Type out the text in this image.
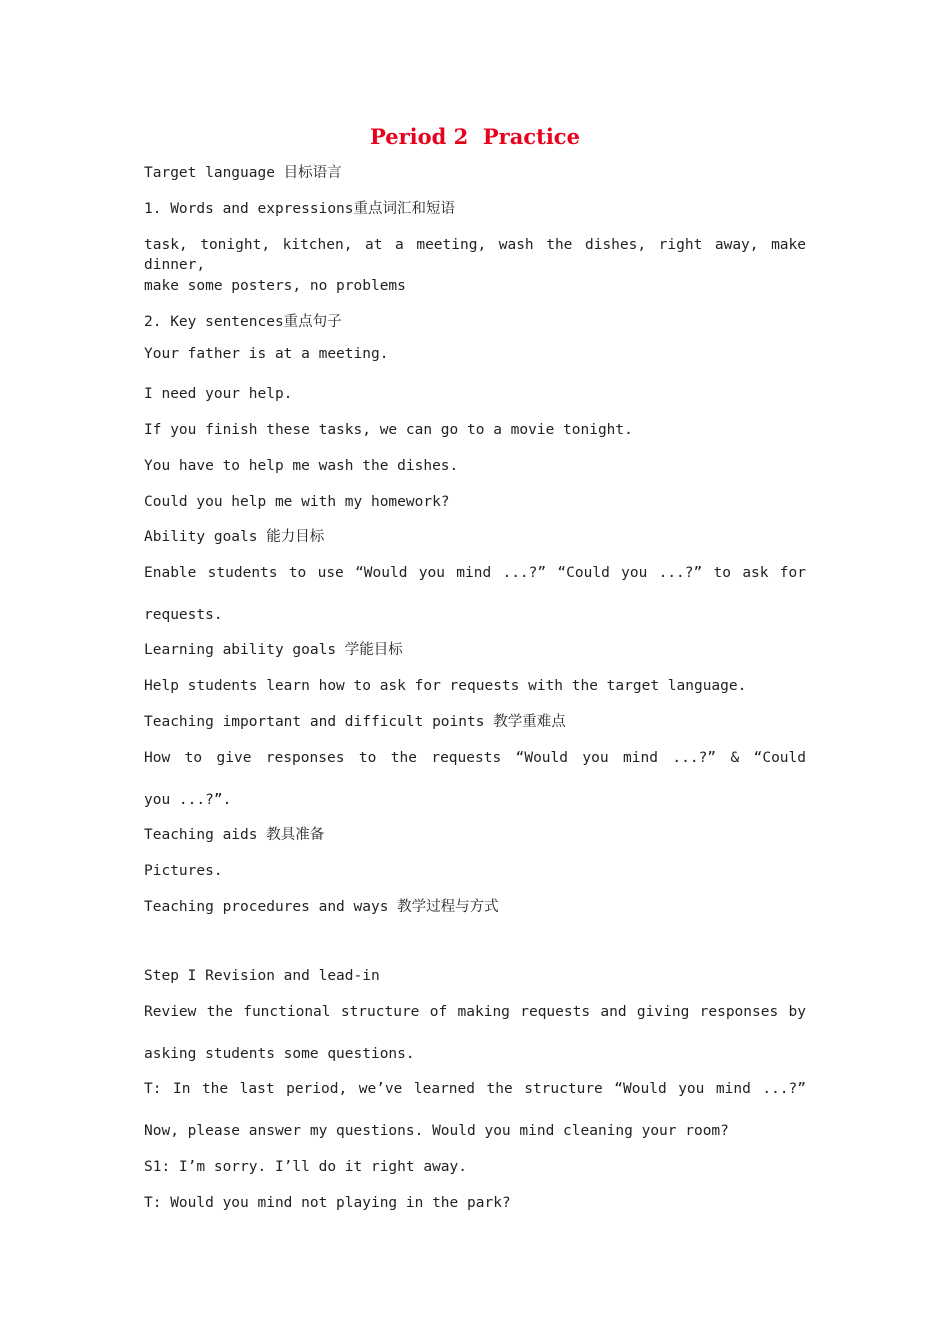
Period 2  Practice
Target language 目标语言
1. Words and expressions重点词汇和短语
task, tonight, kitchen, at a meeting, wash the dishes, right away, make dinner,
make some posters, no problems
2. Key sentences重点句子
Your father is at a meeting.
I need your help.
If you finish these tasks, we can go to a movie tonight.
You have to help me wash the dishes.
Could you help me with my homework?
Ability goals 能力目标
Enable students to use “Would you mind ...?” “Could you ...?” to ask for
requests.
Learning ability goals 学能目标
Help students learn how to ask for requests with the target language.
Teaching important and difficult points 教学重难点
How to give responses to the requests “Would you mind ...?” & “Could
you ...?”.
Teaching aids 教具准备
Pictures.
Teaching procedures and ways 教学过程与方式
Step I Revision and lead-in
Review the functional structure of making requests and giving responses by
asking students some questions.
T: In the last period, we’ve learned the structure “Would you mind ...?”
Now, please answer my questions. Would you mind cleaning your room?
S1: I’m sorry. I’ll do it right away.
T: Would you mind not playing in the park?
